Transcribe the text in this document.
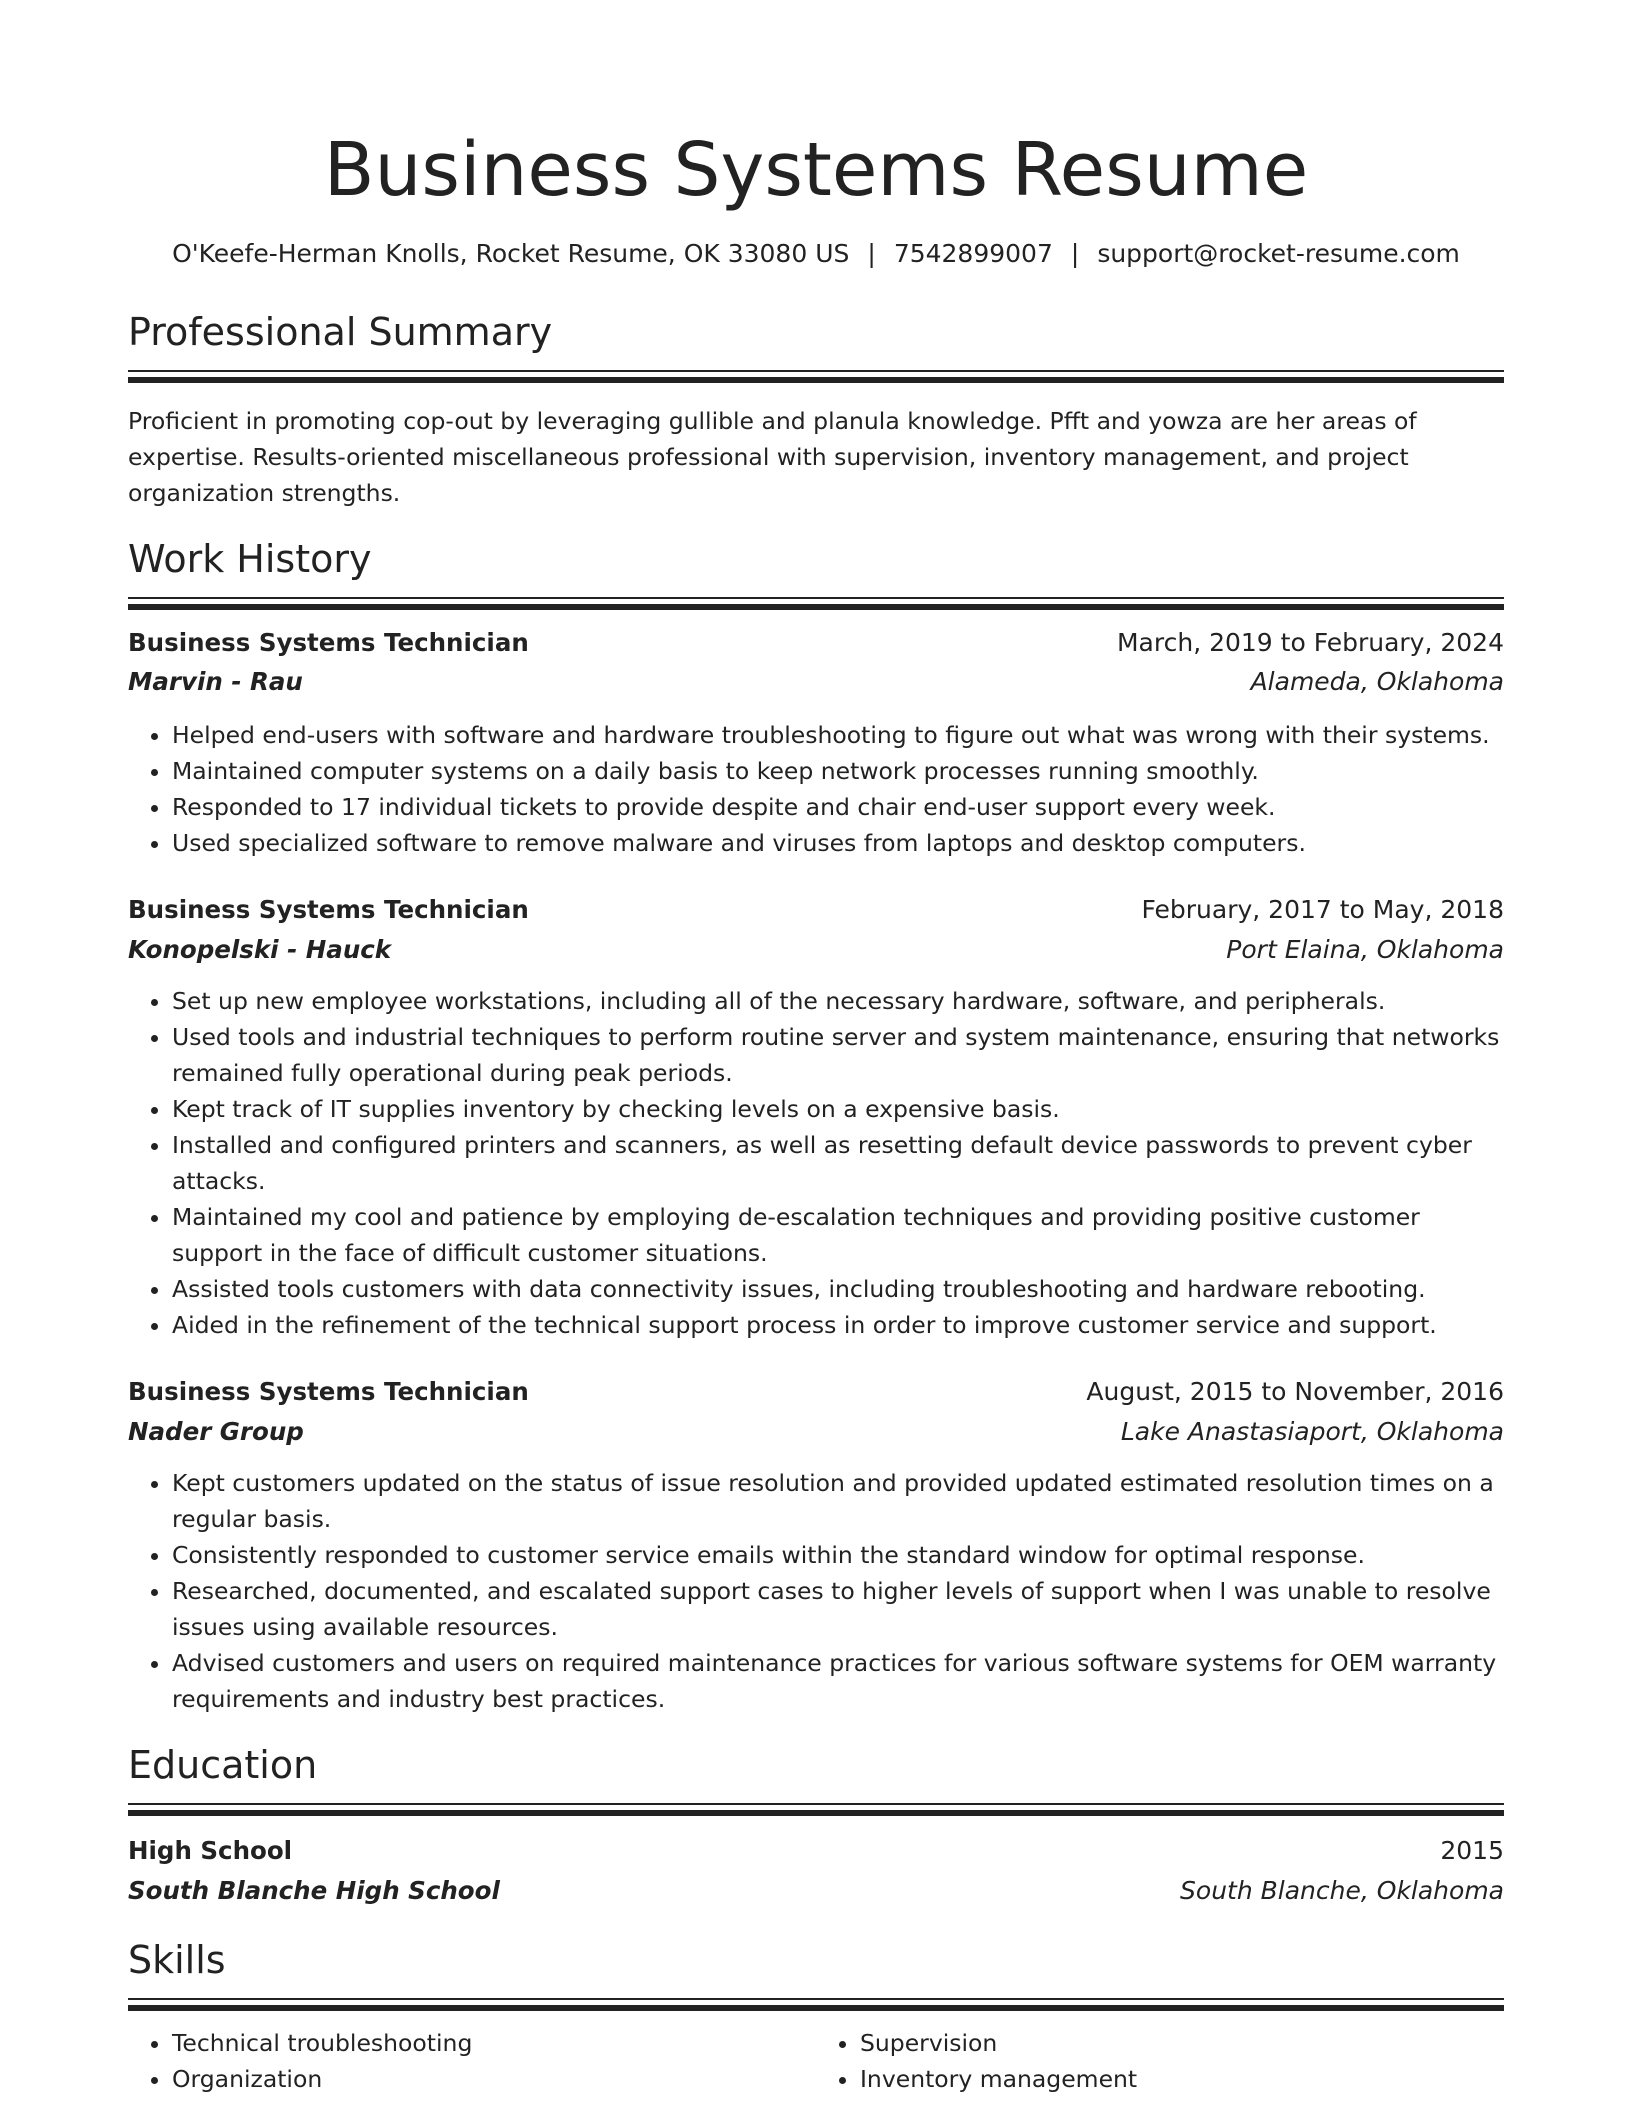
Business Systems Resume
O'Keefe-Herman Knolls, Rocket Resume, OK 33080 US | 7542899007 | support@rocket-resume.com
Professional Summary
Proficient in promoting cop-out by leveraging gullible and planula knowledge. Pfft and yowza are her areas of expertise. Results-oriented miscellaneous professional with supervision, inventory management, and project organization strengths.
Work History
Business Systems Technician	March, 2019 to February, 2024
Marvin - Rau	Alameda, Oklahoma
• Helped end-users with software and hardware troubleshooting to figure out what was wrong with their systems.
• Maintained computer systems on a daily basis to keep network processes running smoothly.
• Responded to 17 individual tickets to provide despite and chair end-user support every week.
• Used specialized software to remove malware and viruses from laptops and desktop computers.
Business Systems Technician	February, 2017 to May, 2018
Konopelski - Hauck	Port Elaina, Oklahoma
• Set up new employee workstations, including all of the necessary hardware, software, and peripherals.
• Used tools and industrial techniques to perform routine server and system maintenance, ensuring that networks remained fully operational during peak periods.
• Kept track of IT supplies inventory by checking levels on a expensive basis.
• Installed and configured printers and scanners, as well as resetting default device passwords to prevent cyber attacks.
• Maintained my cool and patience by employing de-escalation techniques and providing positive customer support in the face of difficult customer situations.
• Assisted tools customers with data connectivity issues, including troubleshooting and hardware rebooting.
• Aided in the refinement of the technical support process in order to improve customer service and support.
Business Systems Technician	August, 2015 to November, 2016
Nader Group	Lake Anastasiaport, Oklahoma
• Kept customers updated on the status of issue resolution and provided updated estimated resolution times on a regular basis.
• Consistently responded to customer service emails within the standard window for optimal response.
• Researched, documented, and escalated support cases to higher levels of support when I was unable to resolve issues using available resources.
• Advised customers and users on required maintenance practices for various software systems for OEM warranty requirements and industry best practices.
Education
High School	2015
South Blanche High School	South Blanche, Oklahoma
Skills
• Technical troubleshooting
• Organization
• Supervision
• Inventory management
